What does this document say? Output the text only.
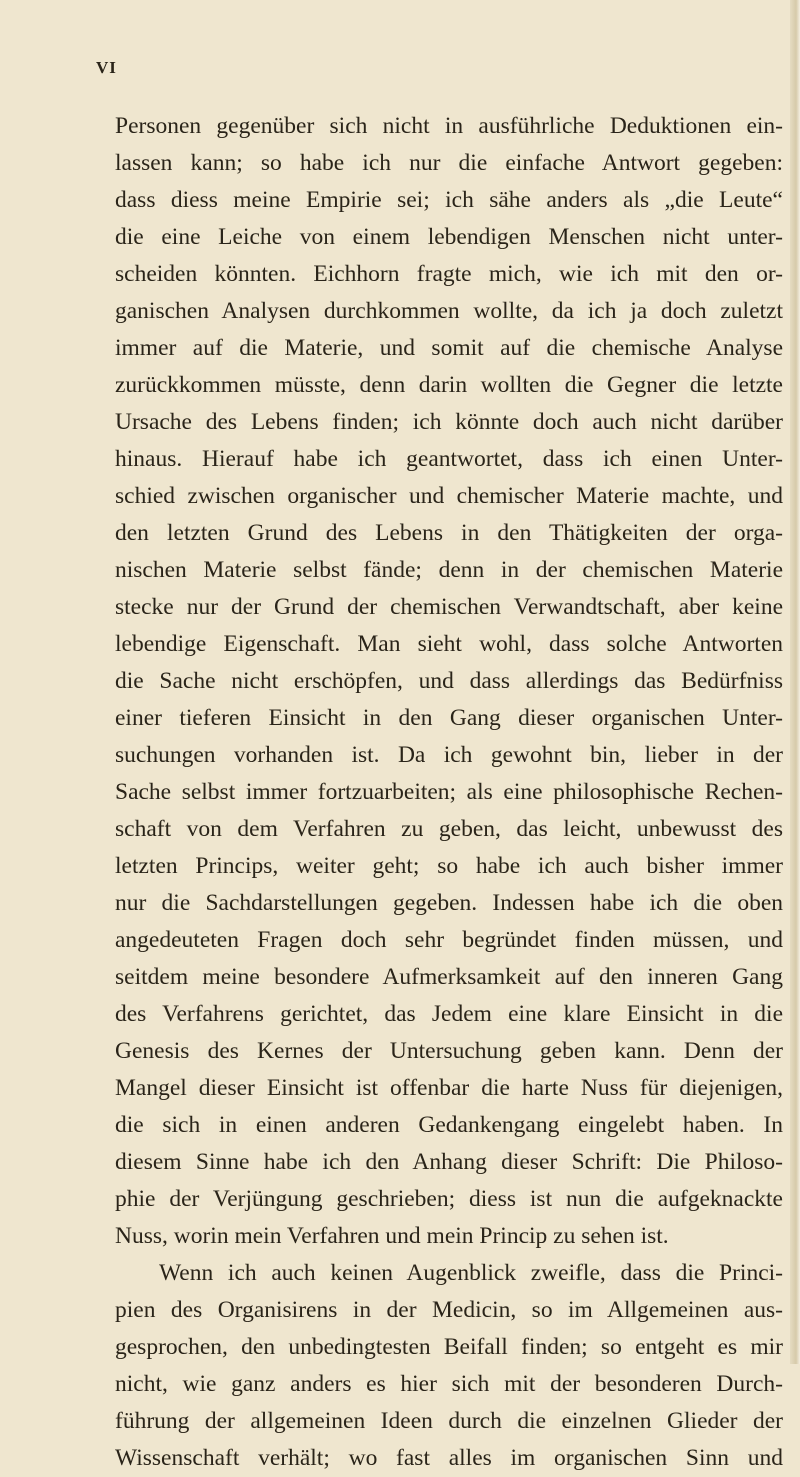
VI
Personen gegenüber sich nicht in ausführliche Deduktionen ein-
lassen kann; so habe ich nur die einfache Antwort gegeben:
dass diess meine Empirie sei; ich sähe anders als „die Leute“
die eine Leiche von einem lebendigen Menschen nicht unter-
scheiden könnten. Eichhorn fragte mich, wie ich mit den or-
ganischen Analysen durchkommen wollte, da ich ja doch zuletzt
immer auf die Materie, und somit auf die chemische Analyse
zurückkommen müsste, denn darin wollten die Gegner die letzte
Ursache des Lebens finden; ich könnte doch auch nicht darüber
hinaus. Hierauf habe ich geantwortet, dass ich einen Unter-
schied zwischen organischer und chemischer Materie machte, und
den letzten Grund des Lebens in den Thätigkeiten der orga-
nischen Materie selbst fände; denn in der chemischen Materie
stecke nur der Grund der chemischen Verwandtschaft, aber keine
lebendige Eigenschaft. Man sieht wohl, dass solche Antworten
die Sache nicht erschöpfen, und dass allerdings das Bedürfniss
einer tieferen Einsicht in den Gang dieser organischen Unter-
suchungen vorhanden ist. Da ich gewohnt bin, lieber in der
Sache selbst immer fortzuarbeiten; als eine philosophische Rechen-
schaft von dem Verfahren zu geben, das leicht, unbewusst des
letzten Princips, weiter geht; so habe ich auch bisher immer
nur die Sachdarstellungen gegeben. Indessen habe ich die oben
angedeuteten Fragen doch sehr begründet finden müssen, und
seitdem meine besondere Aufmerksamkeit auf den inneren Gang
des Verfahrens gerichtet, das Jedem eine klare Einsicht in die
Genesis des Kernes der Untersuchung geben kann. Denn der
Mangel dieser Einsicht ist offenbar die harte Nuss für diejenigen,
die sich in einen anderen Gedankengang eingelebt haben. In
diesem Sinne habe ich den Anhang dieser Schrift: Die Philoso-
phie der Verjüngung geschrieben; diess ist nun die aufgeknackte
Nuss, worin mein Verfahren und mein Princip zu sehen ist.
Wenn ich auch keinen Augenblick zweifle, dass die Princi-
pien des Organisirens in der Medicin, so im Allgemeinen aus-
gesprochen, den unbedingtesten Beifall finden; so entgeht es mir
nicht, wie ganz anders es hier sich mit der besonderen Durch-
führung der allgemeinen Ideen durch die einzelnen Glieder der
Wissenschaft verhält; wo fast alles im organischen Sinn und
